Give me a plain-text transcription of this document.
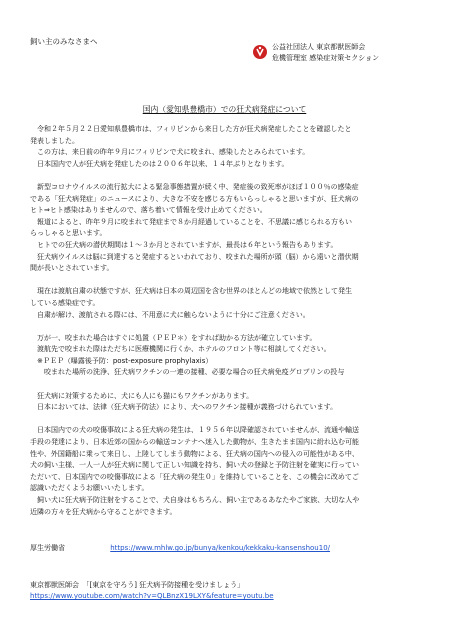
飼い主のみなさまへ
公益社団法人 東京都獣医師会
危機管理室 感染症対策セクション
国内（愛知県豊橋市）での狂犬病発症について

令和２年５月２２日愛知県豊橋市は、フィリピンから来日した方が狂犬病発症したことを確認したと

発表しました。

この方は、来日前の昨年９月にフィリピンで犬に咬まれ、感染したとみられています。

日本国内で人が狂犬病を発症したのは２００６年以来、１４年ぶりとなります。

新型コロナウイルスの流行拡大による緊急事態措置が続く中、発症後の致死率がほぼ１００％の感染症

である「狂犬病発症」のニュースにより、大きな不安を感じる方もいらっしゃると思いますが、狂犬病の

ヒト⇒ヒト感染はありませんので、落ち着いて情報を受け止めてください。

報道によると、昨年９月に咬まれて発症まで８か月経過していることを、不思議に感じられる方もい

らっしゃると思います。

ヒトでの狂犬病の潜伏期間は１〜３か月とされていますが、最長は６年という報告もあります。

狂犬病ウイルスは脳に到達すると発症するといわれており、咬まれた場所が頭（脳）から遠いと潜伏期

間が長いとされています。

現在は渡航自粛の状態ですが、狂犬病は日本の周辺国を含む世界のほとんどの地域で依然として発生

している感染症です。

自粛が解け、渡航される際には、不用意に犬に触らないように十分にご注意ください。

万が一、咬まれた場合はすぐに処置（ＰＥＰ＊）をすれば助かる方法が確立しています。

渡航先で咬まれた際はただちに医療機関に行くか、ホテルのフロント等に相談してください。

※ＰＥＰ（曝露後予防：post-exposure prophylaxis）

咬まれた場所の洗浄、狂犬病ワクチンの一連の接種、必要な場合の狂犬病免疫グロブリンの投与

狂犬病に対策するために、犬にも人にも猫にもワクチンがあります。

日本においては、法律（狂犬病予防法）により、犬へのワクチン接種が義務づけられています。

日本国内での犬の咬傷事故による狂犬病の発生は、１９５６年以降確認されていませんが、流通や輸送

手段の発達により、日本近郊の国からの輸送コンテナへ迷入した動物が、生きたまま国内に紛れ込む可能

性や、外国籍船に乗って来日し、上陸してしまう動物による、狂犬病の国内への侵入の可能性がある中、

犬の飼い主様、一人一人が狂犬病に関して正しい知識を持ち、飼い犬の登録と予防注射を確実に行ってい

ただいて、日本国内での咬傷事故による「狂犬病の発生０」を維持していることを、この機会に改めてご

認識いただくようお願いいたします。

飼い犬に狂犬病予防注射をすることで、犬自身はもちろん、飼い主であるあなたやご家族、大切な人や

近隣の方々を狂犬病から守ることができます。

厚生労働省	https://www.mhlw.go.jp/bunya/kenkou/kekkaku-kansenshou10/
東京都獣医師会　「[東京を守ろう] 狂犬病予防接種を受けましょう」
https://www.youtube.com/watch?v=QLBnzX19LXY&feature=youtu.be
